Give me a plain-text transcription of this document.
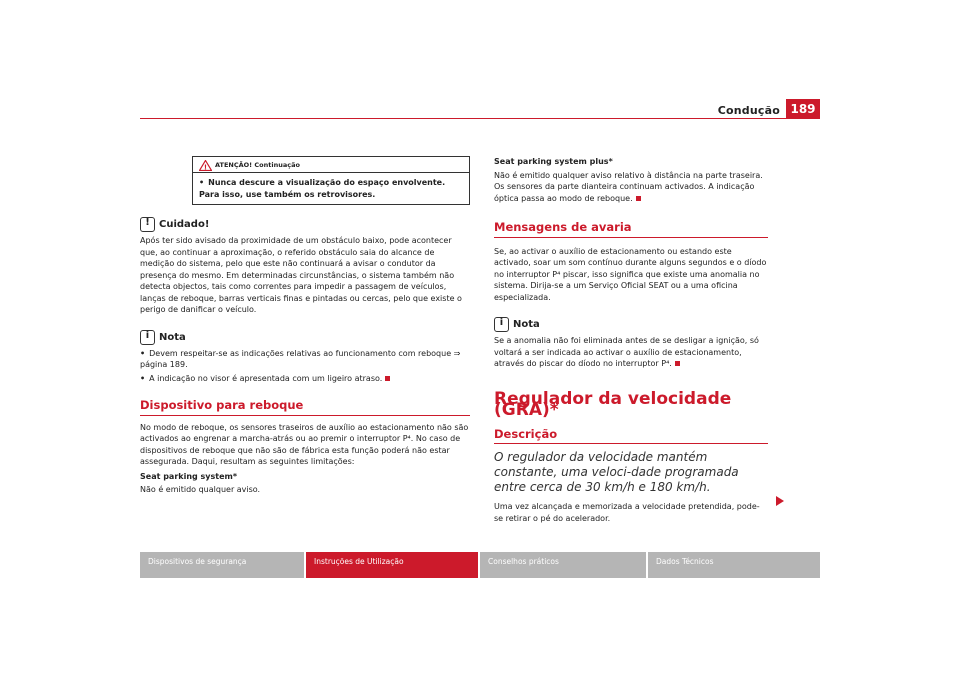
Condução 189
! ATENÇÃO! Continuação

• Nunca descure a visualização do espaço envolvente. Para isso, use também os retrovisores.

! Cuidado!

Após ter sido avisado da proximidade de um obstáculo baixo, pode acontecer que, ao continuar a aproximação, o referido obstáculo saia do alcance de medição do sistema, pelo que este não continuará a avisar o condutor da presença do mesmo. Em determinadas circunstâncias, o sistema também não detecta objectos, tais como correntes para impedir a passagem de veículos, lanças de reboque, barras verticais finas e pintadas ou cercas, pelo que existe o perigo de danificar o veículo.

i Nota

• Devem respeitar-se as indicações relativas ao funcionamento com reboque ⇒ página 189.

• A indicação no visor é apresentada com um ligeiro atraso.

Dispositivo para reboque

No modo de reboque, os sensores traseiros de auxílio ao estacionamento não são activados ao engrenar a marcha-atrás ou ao premir o interruptor P⁴. No caso de dispositivos de reboque que não são de fábrica esta função poderá não estar assegurada. Daqui, resultam as seguintes limitações:

Seat parking system*

Não é emitido qualquer aviso.

Seat parking system plus*

Não é emitido qualquer aviso relativo à distância na parte traseira. Os sensores da parte dianteira continuam activados. A indicação óptica passa ao modo de reboque.

Mensagens de avaria

Se, ao activar o auxílio de estacionamento ou estando este activado, soar um som contínuo durante alguns segundos e o díodo no interruptor P⁴ piscar, isso significa que existe uma anomalia no sistema. Dirija-se a um Serviço Oficial SEAT ou a uma oficina especializada.

i Nota

Se a anomalia não foi eliminada antes de se desligar a ignição, só voltará a ser indicada ao activar o auxílio de estacionamento, através do piscar do díodo no interruptor P⁴.

Regulador da velocidade (GRA)*
Descrição

O regulador da velocidade mantém constante, uma veloci-dade programada entre cerca de 30 km/h e 180 km/h.

Uma vez alcançada e memorizada a velocidade pretendida, pode-se retirar o pé do acelerador.

Dispositivos de segurança	Instruções de Utilização	Conselhos práticos	Dados Técnicos
